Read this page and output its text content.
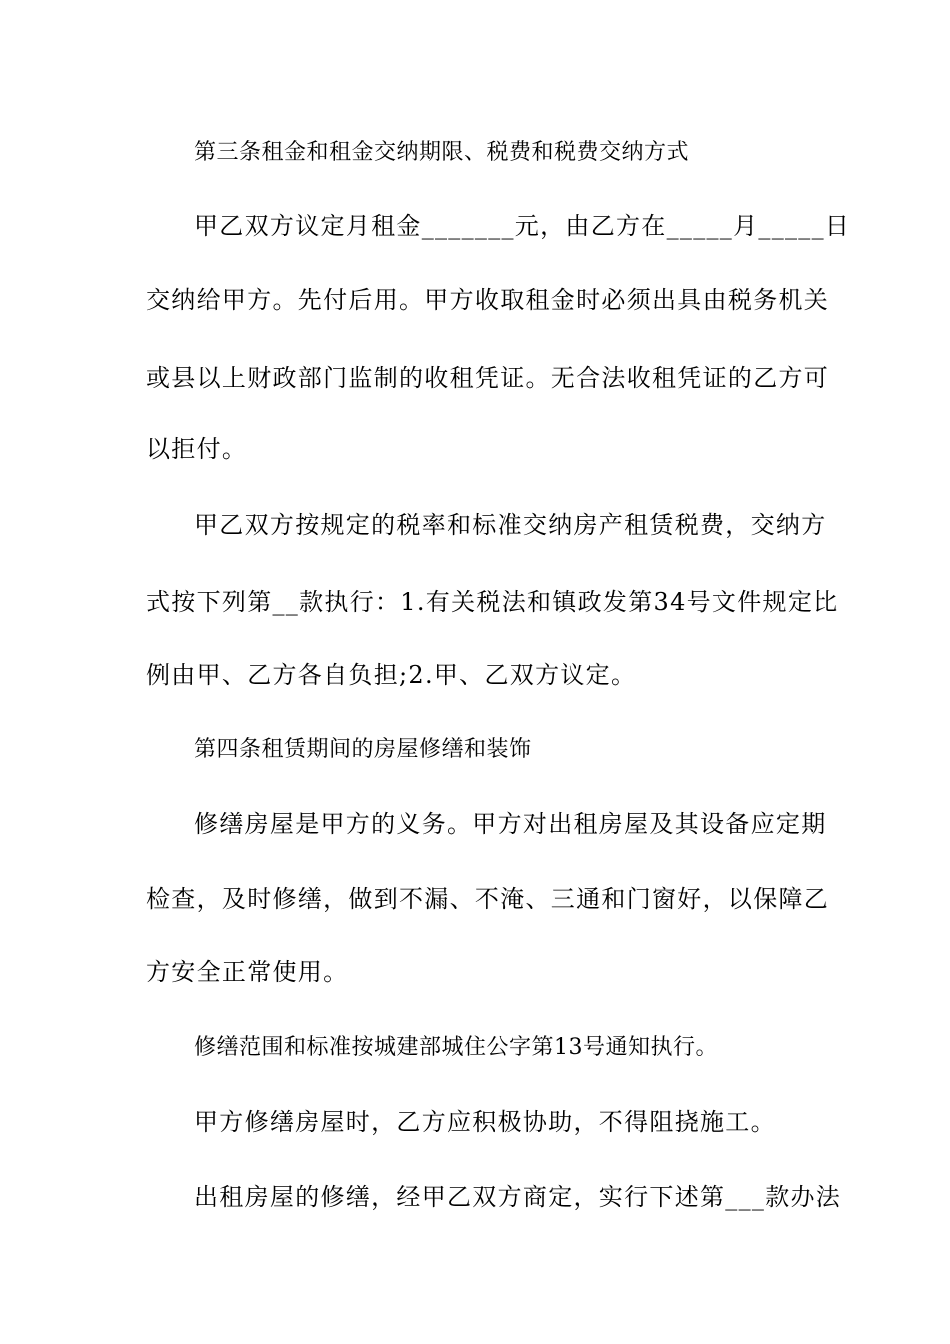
第三条租金和租金交纳期限、税费和税费交纳方式
甲乙双方议定月租金_______元，由乙方在_____月_____日
交纳给甲方。先付后用。甲方收取租金时必须出具由税务机关
或县以上财政部门监制的收租凭证。无合法收租凭证的乙方可
以拒付。
甲乙双方按规定的税率和标准交纳房产租赁税费，交纳方
式按下列第__款执行：1.有关税法和镇政发第34号文件规定比
例由甲、乙方各自负担;2.甲、乙双方议定。
第四条租赁期间的房屋修缮和装饰
修缮房屋是甲方的义务。甲方对出租房屋及其设备应定期
检查，及时修缮，做到不漏、不淹、三通和门窗好，以保障乙
方安全正常使用。
修缮范围和标准按城建部城住公字第13号通知执行。
甲方修缮房屋时，乙方应积极协助，不得阻挠施工。
出租房屋的修缮，经甲乙双方商定，实行下述第___款办法
